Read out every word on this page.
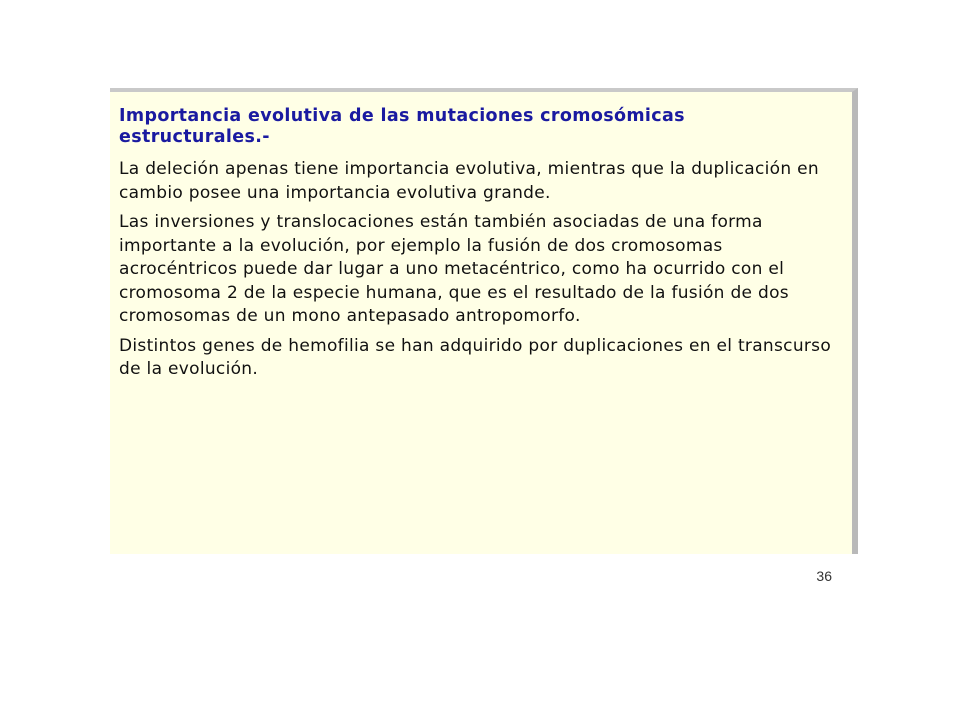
Importancia evolutiva de las mutaciones cromosómicas estructurales.-

La deleción apenas tiene importancia evolutiva, mientras que la duplicación en cambio posee una importancia evolutiva grande.

Las inversiones y translocaciones están también asociadas de una forma importante a la evolución, por ejemplo la fusión de dos cromosomas acrocéntricos puede dar lugar a uno metacéntrico, como ha ocurrido con el cromosoma 2 de la especie humana, que es el resultado de la fusión de dos cromosomas de un mono antepasado antropomorfo.

Distintos genes de hemofilia se han adquirido por duplicaciones en el transcurso de la evolución.

36
